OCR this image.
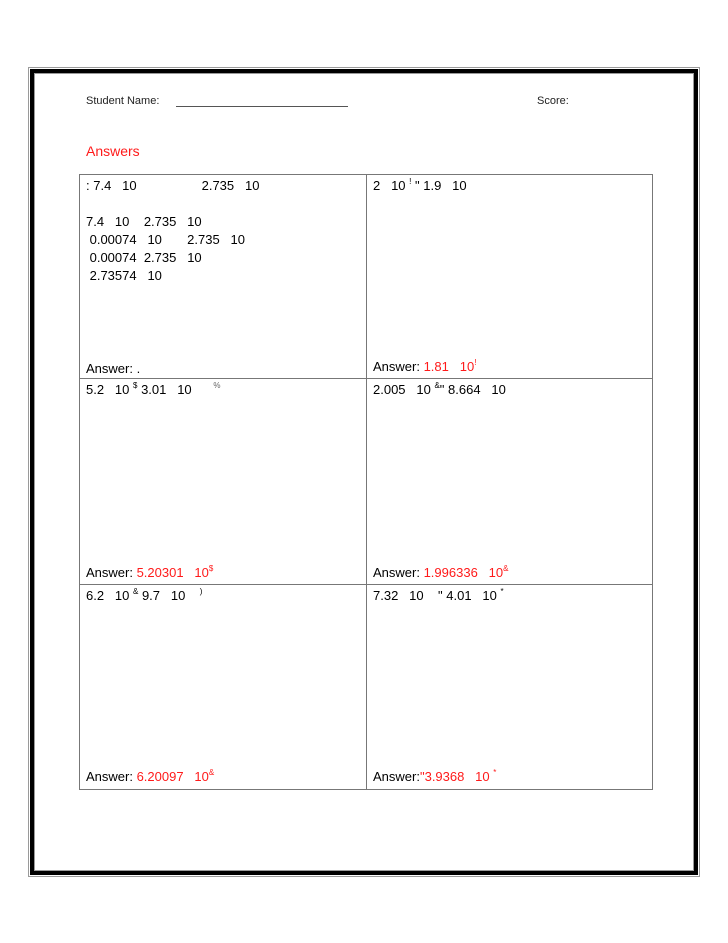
Student Name:	Score:
Answers
: 7.4   10                  2.735   10
7.4   10    2.735   10
0.00074   10       2.735   10
0.00074  2.735   10
2.73574   10
Answer: .
2   10 ! " 1.9   10
Answer: 1.81   10!
5.2   10 $ 3.01   10	%
Answer: 5.20301   10$
2.005   10 &" 8.664   10
Answer: 1.996336   10&
6.2   10 & 9.7   10 )
Answer: 6.20097   10&
7.32   10    " 4.01   10 *
Answer:"3.9368   10 *
